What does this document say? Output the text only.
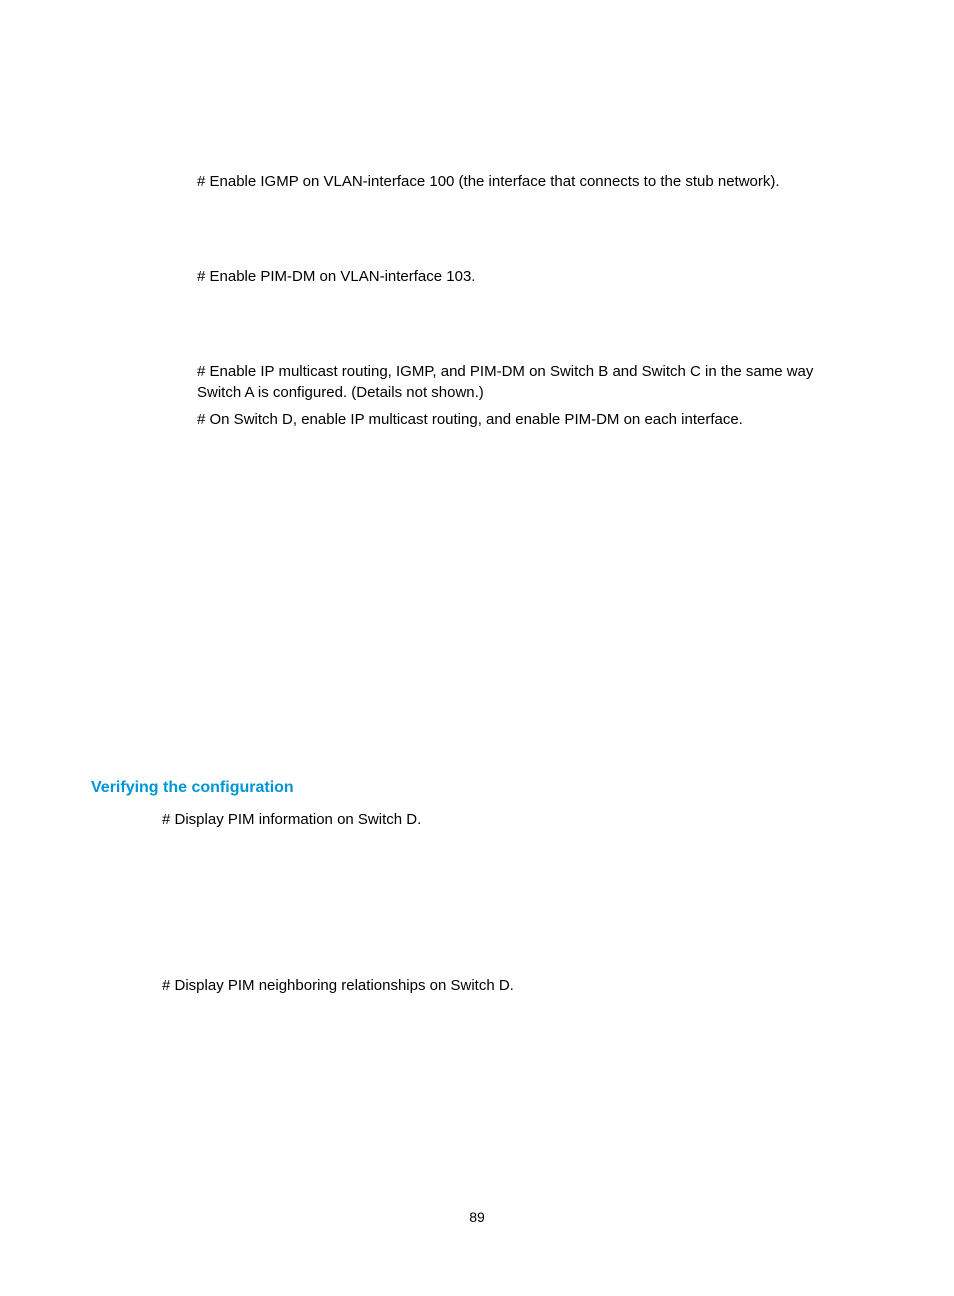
# Enable IGMP on VLAN-interface 100 (the interface that connects to the stub network).
# Enable PIM-DM on VLAN-interface 103.
# Enable IP multicast routing, IGMP, and PIM-DM on Switch B and Switch C in the same way
Switch A is configured. (Details not shown.)
# On Switch D, enable IP multicast routing, and enable PIM-DM on each interface.
Verifying the configuration
# Display PIM information on Switch D.
# Display PIM neighboring relationships on Switch D.
89
